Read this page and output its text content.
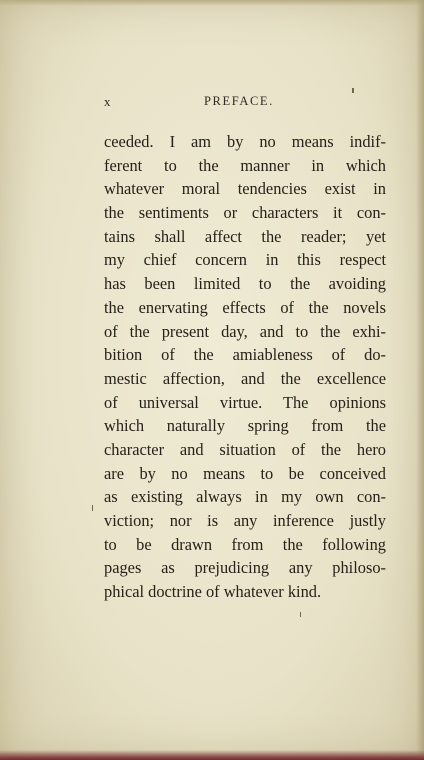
x	PREFACE.
ceeded. I am by no means indif-
ferent to the manner in which
whatever moral tendencies exist in
the sentiments or characters it con-
tains shall affect the reader; yet
my chief concern in this respect
has been limited to the avoiding
the enervating effects of the novels
of the present day, and to the exhi-
bition of the amiableness of do-
mestic affection, and the excellence
of universal virtue. The opinions
which naturally spring from the
character and situation of the hero
are by no means to be conceived
as existing always in my own con-
viction; nor is any inference justly
to be drawn from the following
pages as prejudicing any philoso-
phical doctrine of whatever kind.
